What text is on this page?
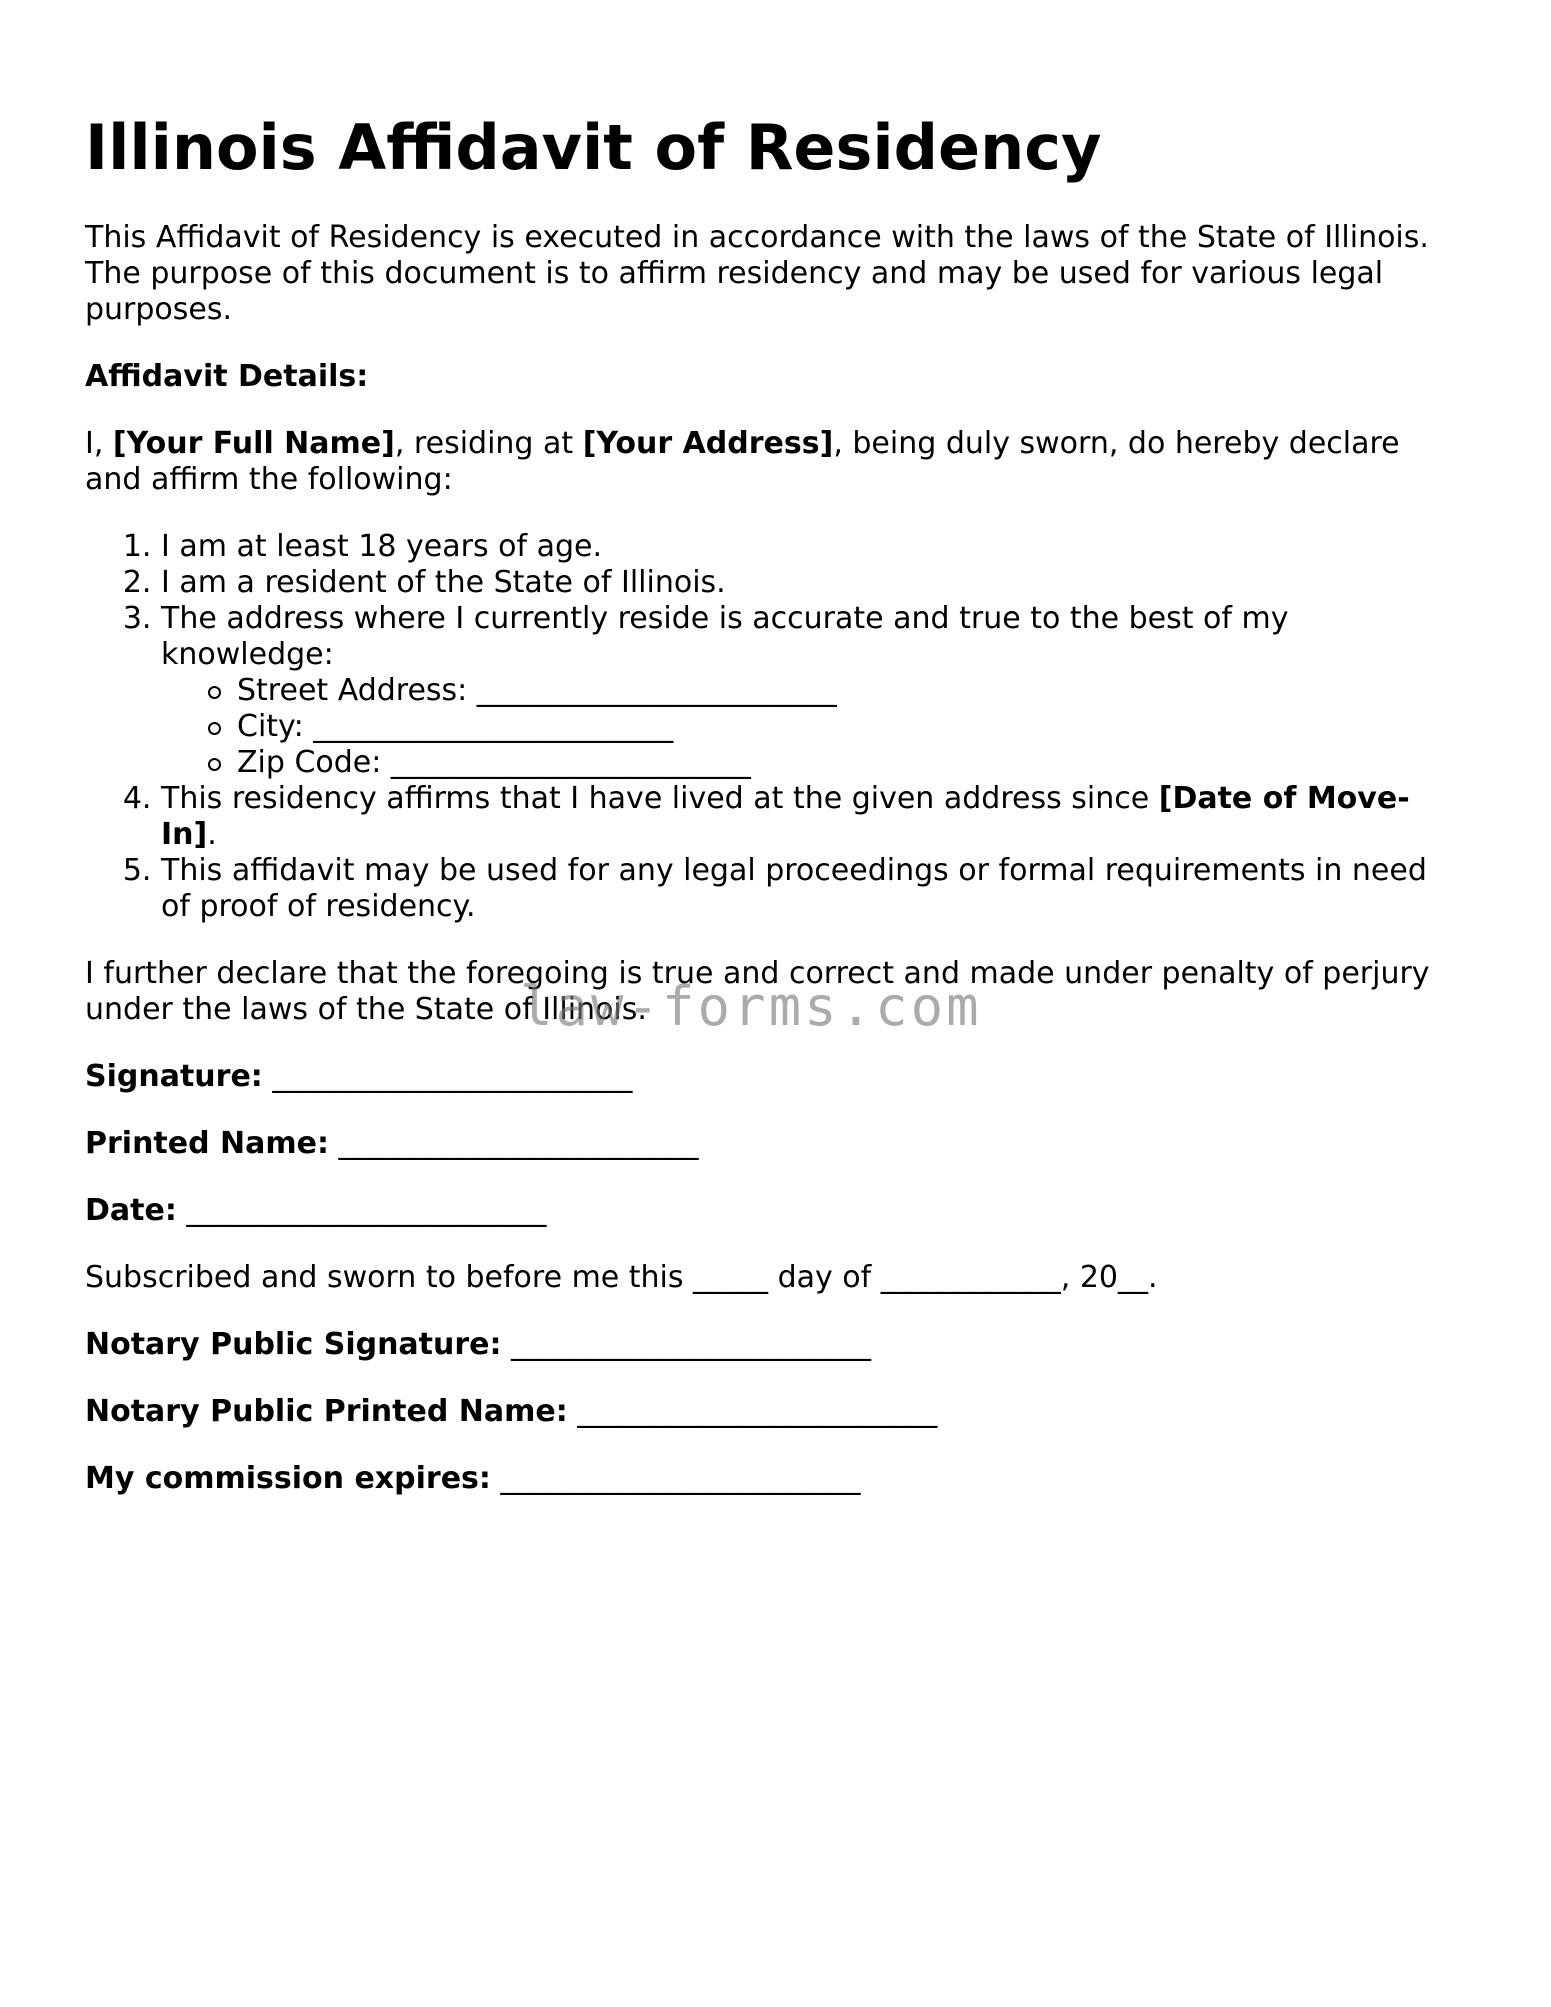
Illinois Affidavit of Residency

This Affidavit of Residency is executed in accordance with the laws of the State of Illinois. The purpose of this document is to affirm residency and may be used for various legal purposes.

Affidavit Details:

I, [Your Full Name], residing at [Your Address], being duly sworn, do hereby declare and affirm the following:

1. I am at least 18 years of age.
2. I am a resident of the State of Illinois.
3. The address where I currently reside is accurate and true to the best of my knowledge:
Street Address: ________________________
City: ________________________
Zip Code: ________________________
4. This residency affirms that I have lived at the given address since [Date of Move-In].
5. This affidavit may be used for any legal proceedings or formal requirements in need of proof of residency.

I further declare that the foregoing is true and correct and made under penalty of perjury under the laws of the State of Illinois.

Signature: ________________________

Printed Name: ________________________

Date: ________________________

Subscribed and sworn to before me this _____ day of ____________, 20__.

Notary Public Signature: ________________________

Notary Public Printed Name: ________________________

My commission expires: ________________________

law-forms.com
